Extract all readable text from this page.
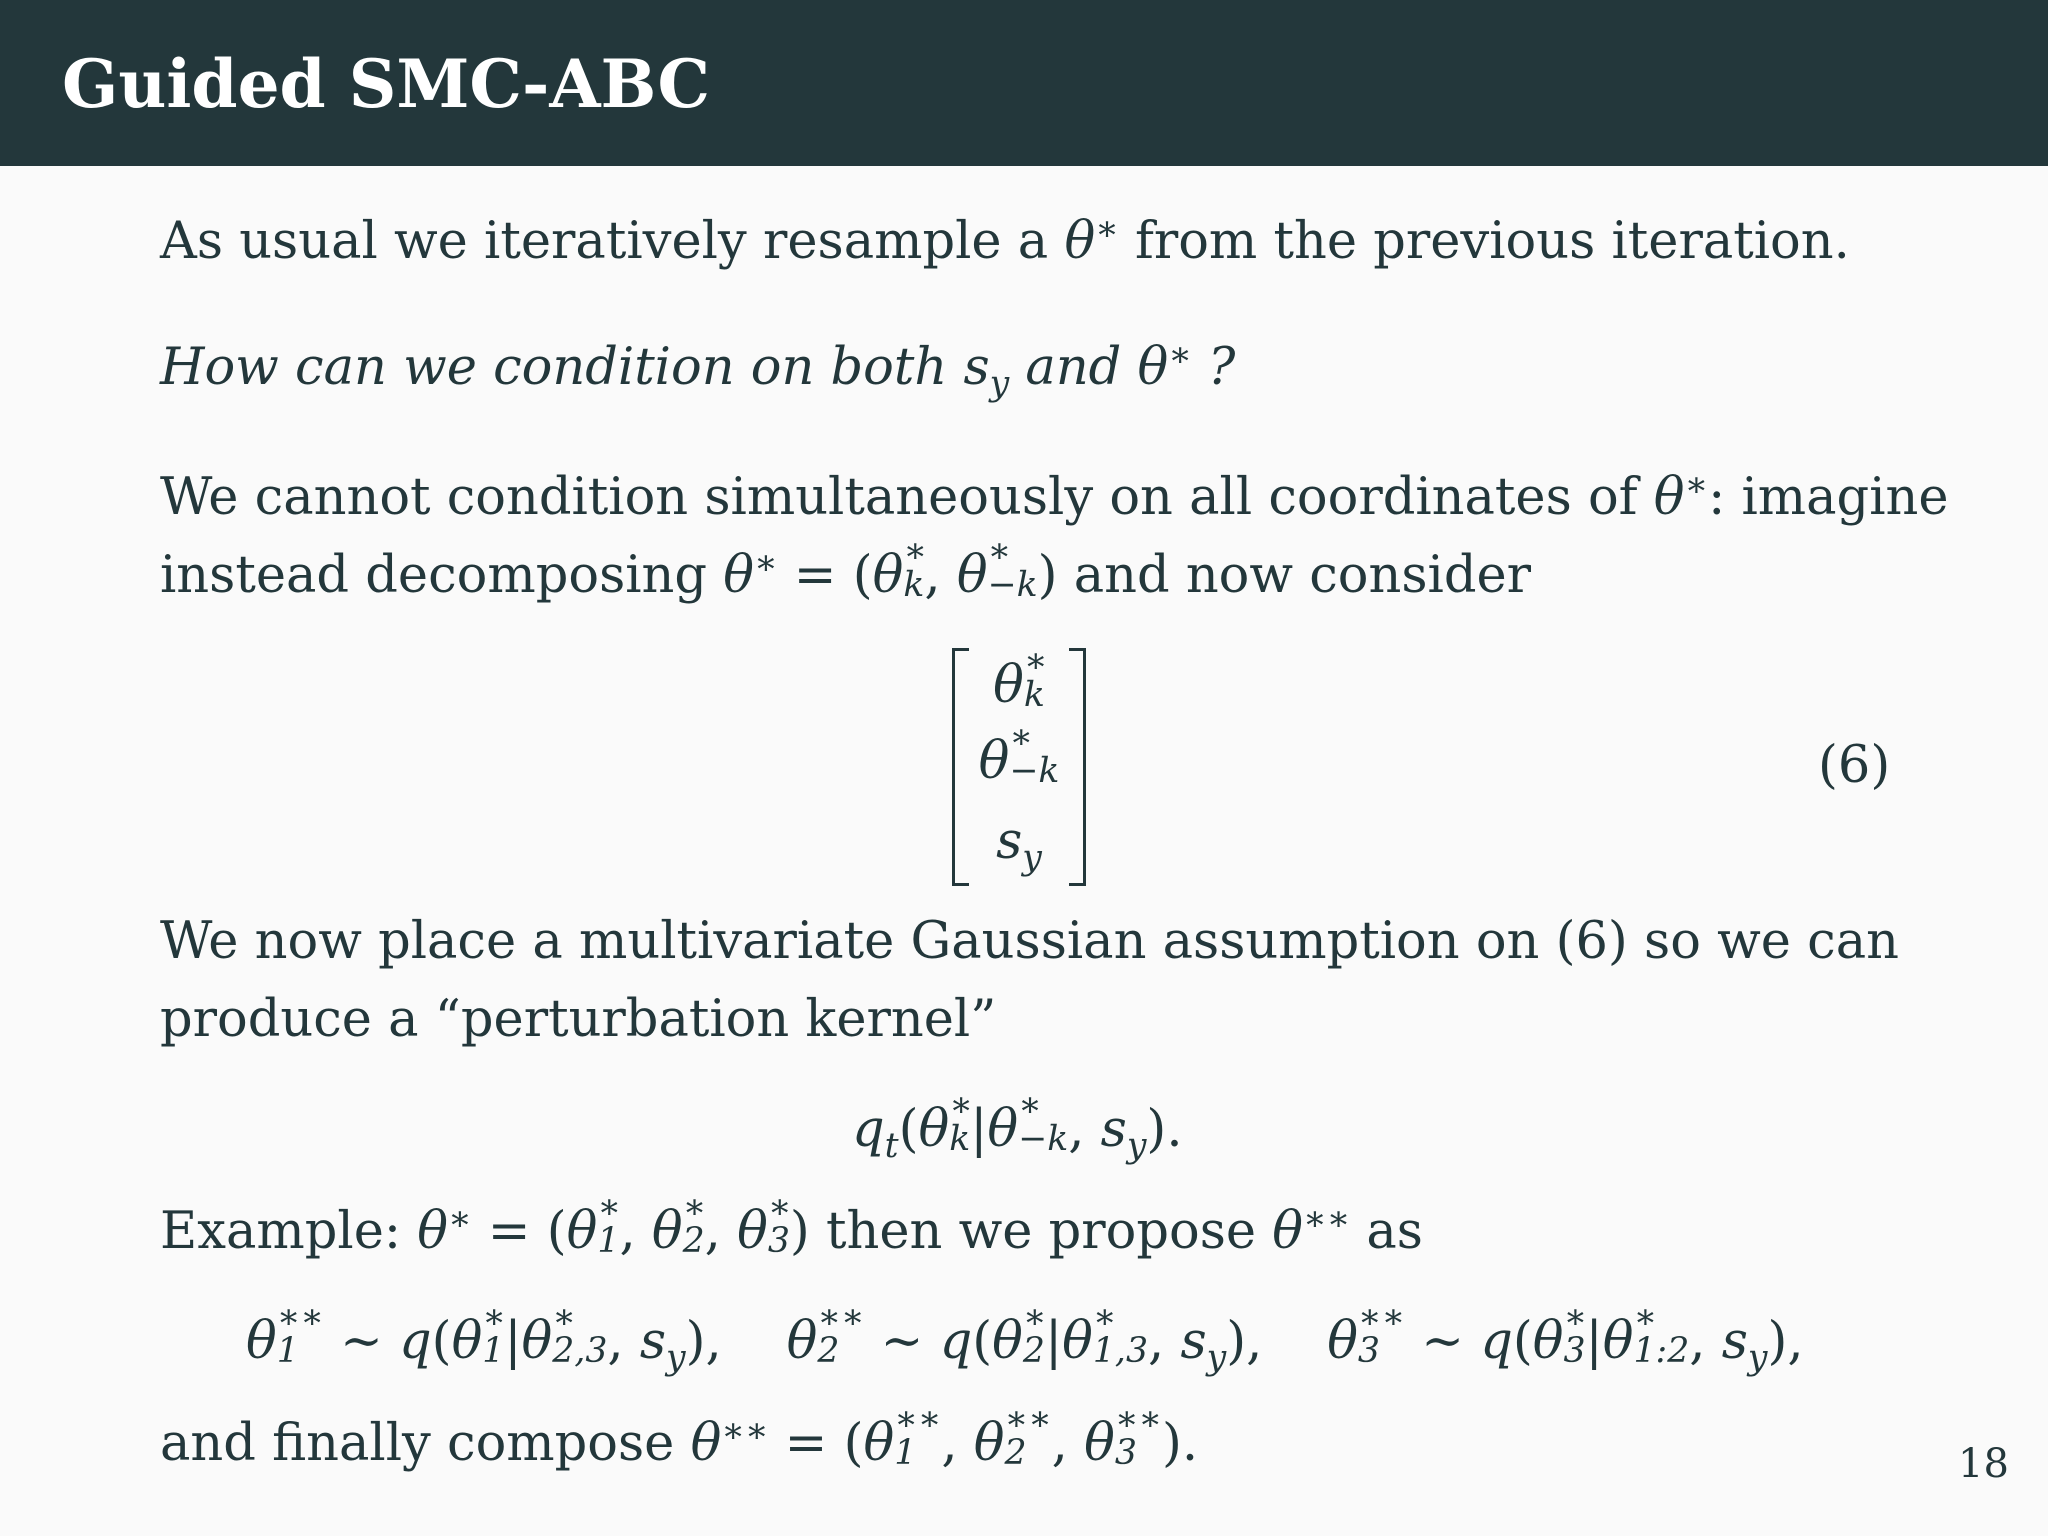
Guided SMC-ABC
As usual we iteratively resample a θ∗ from the previous iteration.
How can we condition on both $s_y$ and θ∗ ?
We cannot condition simultaneously on all coordinates of θ∗: imagine
instead decomposing θ∗ = (θ ∗
k , θ ∗
−k ) and now consider
θ ∗
k
θ ∗
−k
$s_y$
(6)
We now place a multivariate Gaussian assumption on (6) so we can
produce a “perturbation kernel”
$q_t(\theta$ ∗
k |θ ∗
−k , $s_y$).
Example: θ∗ = (θ ∗
1 , θ ∗
2 , θ ∗
3 ) then we propose θ∗∗ as
θ ∗∗
1 ∼ q(θ ∗
1 |θ ∗
2,3 , $s_y$),    θ ∗∗
2 ∼ q(θ ∗
2 |θ ∗
1,3 , $s_y$),    θ ∗∗
3 ∼ q(θ ∗
3 |θ ∗
1:2 , $s_y$),
and finally compose θ∗∗ = (θ ∗∗
1 , θ ∗∗
2 , θ ∗∗
3 ).	18
